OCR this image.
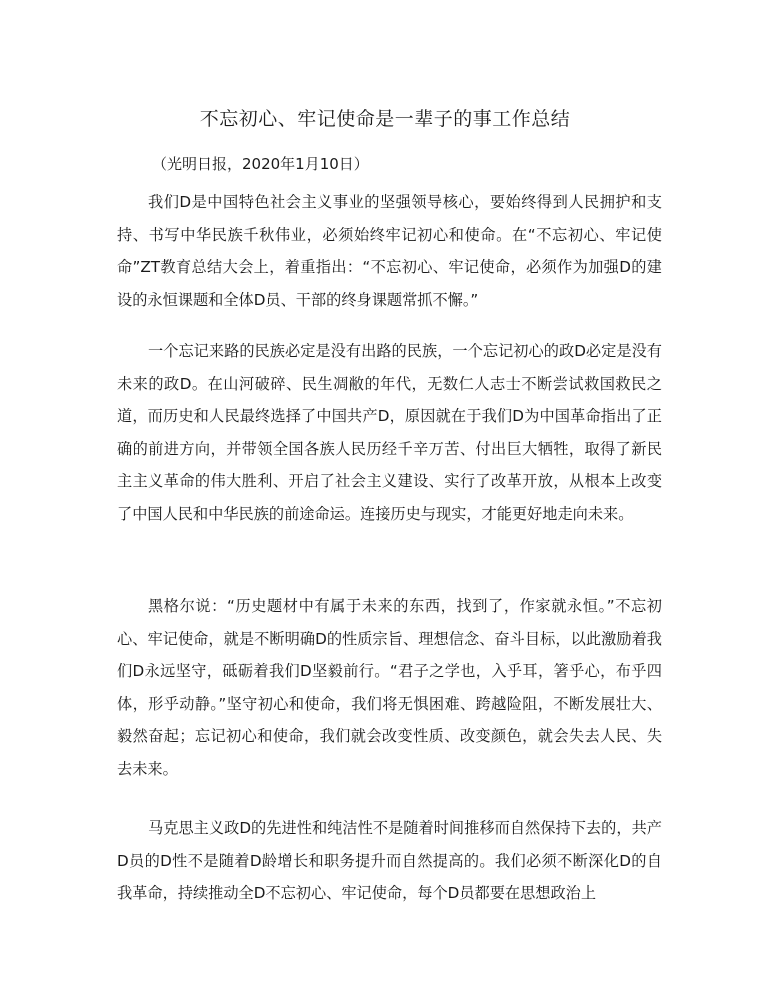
不忘初心、牢记使命是一辈子的事工作总结
（光明日报，2020年1月10日）

我们D是中国特色社会主义事业的坚强领导核心，要始终得到人民拥护和支持、书写中华民族千秋伟业，必须始终牢记初心和使命。在“不忘初心、牢记使命”ZT教育总结大会上，着重指出：“不忘初心、牢记使命，必须作为加强D的建设的永恒课题和全体D员、干部的终身课题常抓不懈。”

一个忘记来路的民族必定是没有出路的民族，一个忘记初心的政D必定是没有未来的政D。在山河破碎、民生凋敝的年代，无数仁人志士不断尝试救国救民之道，而历史和人民最终选择了中国共产D，原因就在于我们D为中国革命指出了正确的前进方向，并带领全国各族人民历经千辛万苦、付出巨大牺牲，取得了新民主主义革命的伟大胜利、开启了社会主义建设、实行了改革开放，从根本上改变了中国人民和中华民族的前途命运。连接历史与现实，才能更好地走向未来。

黑格尔说：“历史题材中有属于未来的东西，找到了，作家就永恒。”不忘初心、牢记使命，就是不断明确D的性质宗旨、理想信念、奋斗目标，以此激励着我们D永远坚守，砥砺着我们D坚毅前行。“君子之学也，入乎耳，箸乎心，布乎四体，形乎动静。”坚守初心和使命，我们将无惧困难、跨越险阻，不断发展壮大、毅然奋起；忘记初心和使命，我们就会改变性质、改变颜色，就会失去人民、失去未来。

马克思主义政D的先进性和纯洁性不是随着时间推移而自然保持下去的，共产D员的D性不是随着D龄增长和职务提升而自然提高的。我们必须不断深化D的自我革命，持续推动全D不忘初心、牢记使命，每个D员都要在思想政治上
